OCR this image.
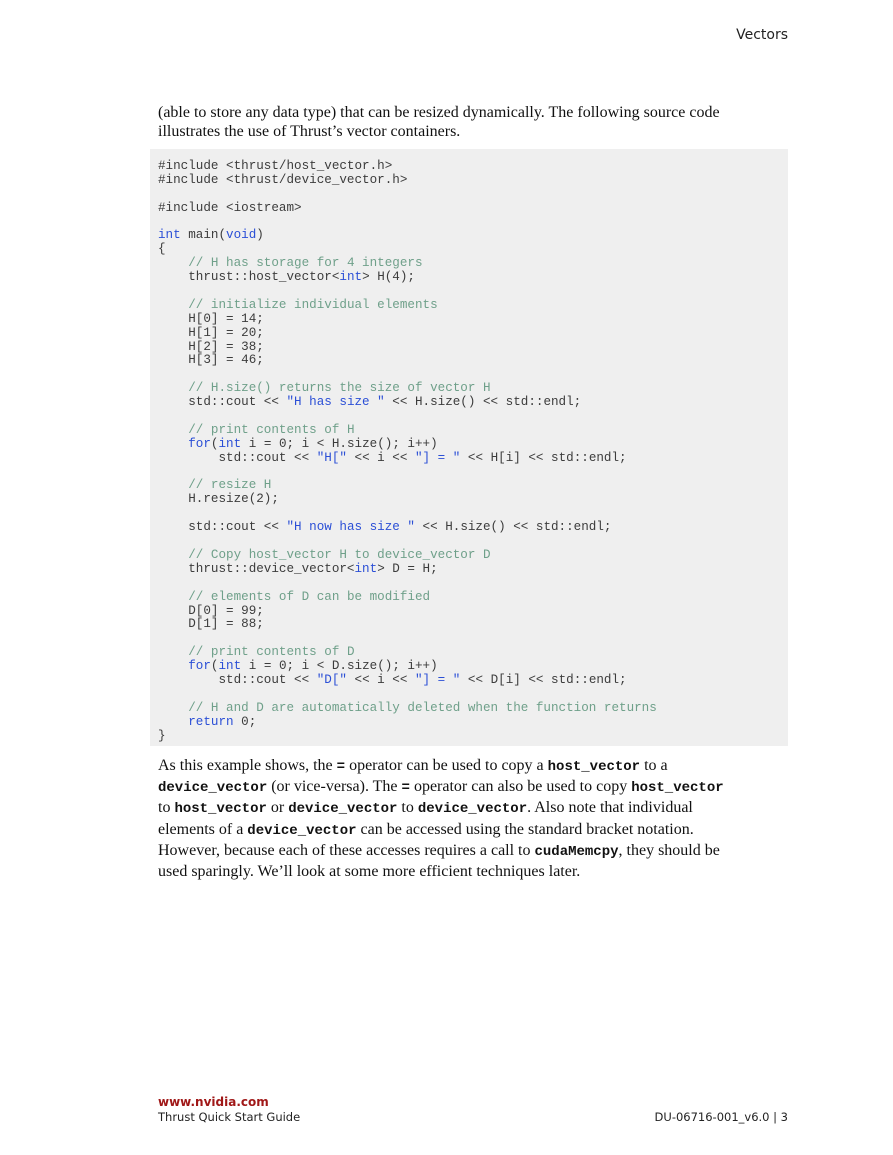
Vectors
(able to store any data type) that can be resized dynamically. The following source code
illustrates the use of Thrust’s vector containers.
#include <thrust/host_vector.h>
#include <thrust/device_vector.h>
#include <iostream>
int main(void)
{
// H has storage for 4 integers
thrust::host_vector<int> H(4);
// initialize individual elements
H[0] = 14;
H[1] = 20;
H[2] = 38;
H[3] = 46;
// H.size() returns the size of vector H
std::cout << "H has size " << H.size() << std::endl;
// print contents of H
for(int i = 0; i < H.size(); i++)
std::cout << "H[" << i << "] = " << H[i] << std::endl;
// resize H
H.resize(2);
std::cout << "H now has size " << H.size() << std::endl;
// Copy host_vector H to device_vector D
thrust::device_vector<int> D = H;
// elements of D can be modified
D[0] = 99;
D[1] = 88;
// print contents of D
for(int i = 0; i < D.size(); i++)
std::cout << "D[" << i << "] = " << D[i] << std::endl;
// H and D are automatically deleted when the function returns
return 0;
}
As this example shows, the = operator can be used to copy a host_vector to a
device_vector (or vice-versa). The = operator can also be used to copy host_vector
to host_vector or device_vector to device_vector. Also note that individual
elements of a device_vector can be accessed using the standard bracket notation.
However, because each of these accesses requires a call to cudaMemcpy, they should be
used sparingly. We’ll look at some more efficient techniques later.
www.nvidia.com
Thrust Quick Start Guide	DU-06716-001_v6.0 | 3
